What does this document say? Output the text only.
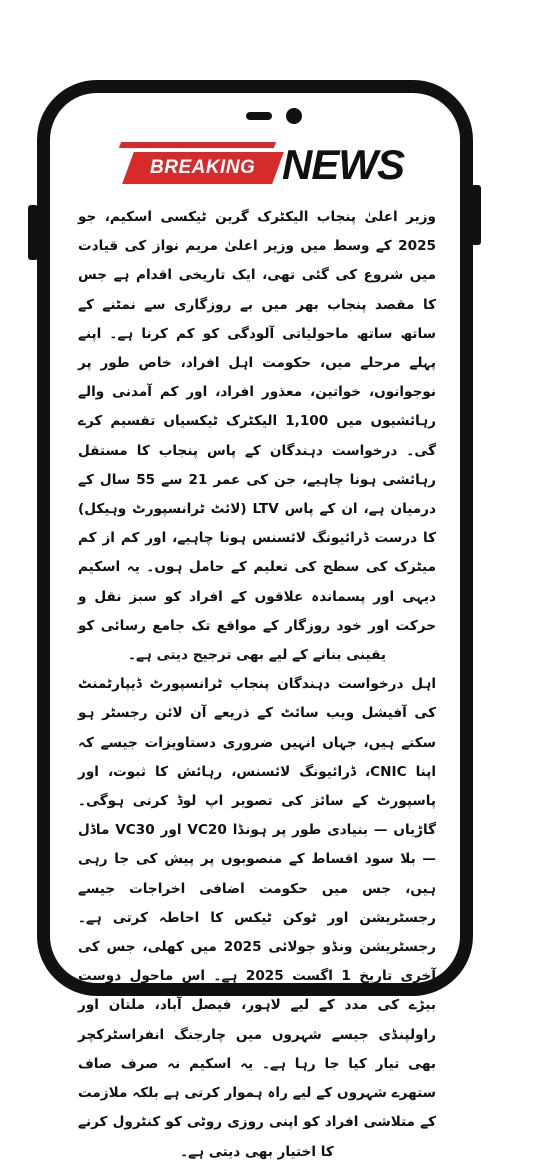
BREAKING NEWS

وزیر اعلیٰ پنجاب الیکٹرک گرین ٹیکسی اسکیم، جو 2025 کے وسط میں وزیر اعلیٰ مریم نواز کی قیادت میں شروع کی گئی تھی، ایک تاریخی اقدام ہے جس کا مقصد پنجاب بھر میں بے روزگاری سے نمٹنے کے ساتھ ساتھ ماحولیاتی آلودگی کو کم کرنا ہے۔ اپنے پہلے مرحلے میں، حکومت اہل افراد، خاص طور پر نوجوانوں، خواتین، معذور افراد، اور کم آمدنی والے رہائشیوں میں 1,100 الیکٹرک ٹیکسیاں تقسیم کرے گی۔ درخواست دہندگان کے پاس پنجاب کا مستقل رہائشی ہونا چاہیے، جن کی عمر 21 سے 55 سال کے درمیان ہے، ان کے پاس LTV (لائٹ ٹرانسپورٹ وہیکل) کا درست ڈرائیونگ لائسنس ہونا چاہیے، اور کم از کم میٹرک کی سطح کی تعلیم کے حامل ہوں۔ یہ اسکیم دیہی اور پسماندہ علاقوں کے افراد کو سبز نقل و حرکت اور خود روزگار کے مواقع تک جامع رسائی کو یقینی بنانے کے لیے بھی ترجیح دیتی ہے۔

اہل درخواست دہندگان پنجاب ٹرانسپورٹ ڈیپارٹمنٹ کی آفیشل ویب سائٹ کے ذریعے آن لائن رجسٹر ہو سکتے ہیں، جہاں انہیں ضروری دستاویزات جیسے کہ اپنا CNIC، ڈرائیونگ لائسنس، رہائش کا ثبوت، اور پاسپورٹ کے سائز کی تصویر اپ لوڈ کرنی ہوگی۔ گاڑیاں — بنیادی طور پر ہونڈا VC20 اور VC30 ماڈل — بلا سود اقساط کے منصوبوں پر پیش کی جا رہی ہیں، جس میں حکومت اضافی اخراجات جیسے رجسٹریشن اور ٹوکن ٹیکس کا احاطہ کرتی ہے۔ رجسٹریشن ونڈو جولائی 2025 میں کھلی، جس کی آخری تاریخ 1 اگست 2025 ہے۔ اس ماحول دوست بیڑے کی مدد کے لیے لاہور، فیصل آباد، ملتان اور راولپنڈی جیسے شہروں میں چارجنگ انفراسٹرکچر بھی تیار کیا جا رہا ہے۔ یہ اسکیم نہ صرف صاف ستھرے شہروں کے لیے راہ ہموار کرتی ہے بلکہ ملازمت کے متلاشی افراد کو اپنی روزی روٹی کو کنٹرول کرنے کا اختیار بھی دیتی ہے۔
